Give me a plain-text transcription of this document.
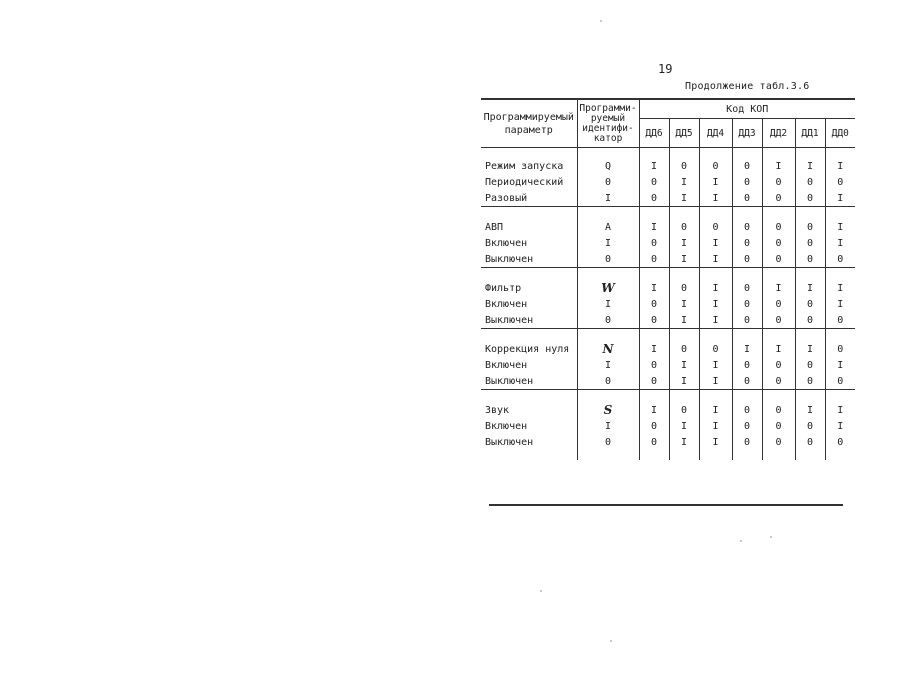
19
Продолжение табл.3.6
Программируемый
параметр	Программи-
руемый
идентифи-
катор	Код КОП						
		ДД6	ДД5	ДД4	ДД3	ДД2	ДД1	ДД0

Режим запуска	Q	I	0	0	0	I	I	I
Периодический	0	0	I	I	0	0	0	0
Разовый	I	0	I	I	0	0	0	I

АВП	A	I	0	0	0	0	0	I
Включен	I	0	I	I	0	0	0	I
Выключен	0	0	I	I	0	0	0	0

Фильтр	W	I	0	I	0	I	I	I
Включен	I	0	I	I	0	0	0	I
Выключен	0	0	I	I	0	0	0	0

Коррекция нуля	N	I	0	0	I	I	I	0
Включен	I	0	I	I	0	0	0	I
Выключен	0	0	I	I	0	0	0	0

Звук	S	I	0	I	0	0	I	I
Включен	I	0	I	I	0	0	0	I
Выключен	0	0	I	I	0	0	0	0
